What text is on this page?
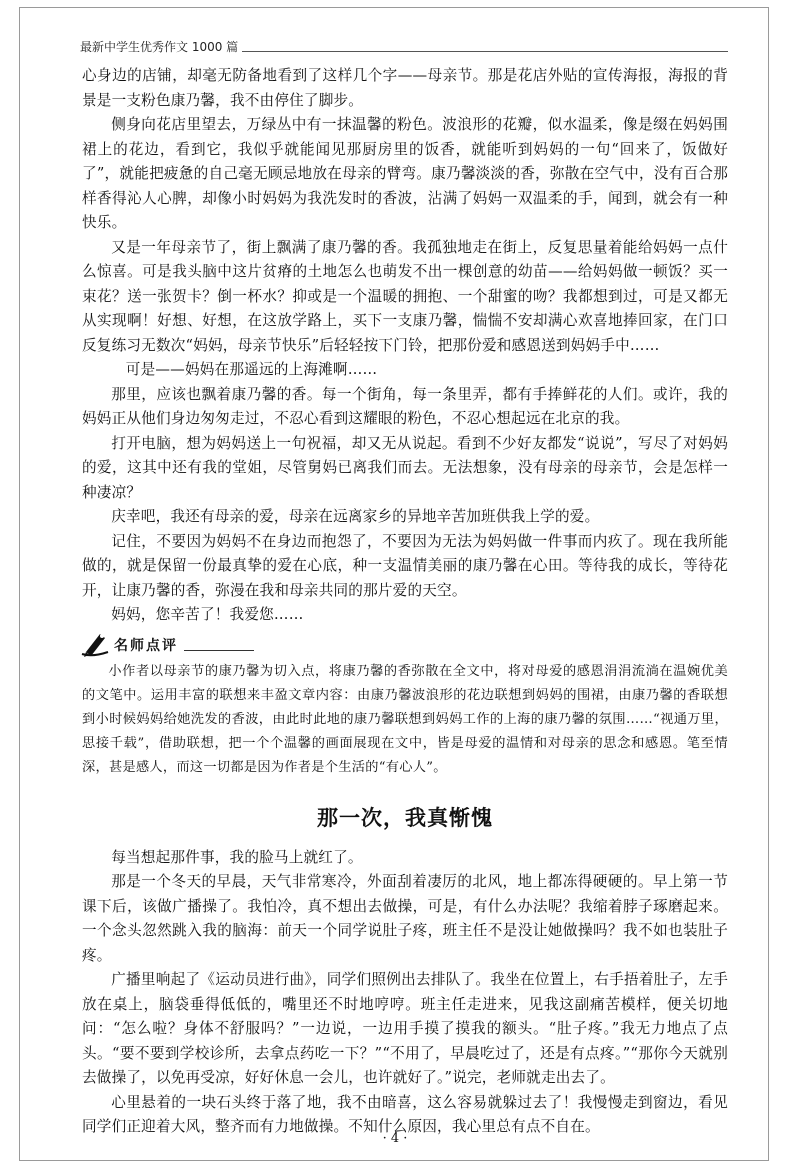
最新中学生优秀作文 1000 篇

心身边的店铺，却毫无防备地看到了这样几个字——母亲节。那是花店外贴的宣传海报，海报的背景是一支粉色康乃馨，我不由停住了脚步。

侧身向花店里望去，万绿丛中有一抹温馨的粉色。波浪形的花瓣，似水温柔，像是缀在妈妈围裙上的花边，看到它，我似乎就能闻见那厨房里的饭香，就能听到妈妈的一句“回来了，饭做好了”，就能把疲惫的自己毫无顾忌地放在母亲的臂弯。康乃馨淡淡的香，弥散在空气中，没有百合那样香得沁人心脾，却像小时妈妈为我洗发时的香波，沾满了妈妈一双温柔的手，闻到，就会有一种快乐。

又是一年母亲节了，街上飘满了康乃馨的香。我孤独地走在街上，反复思量着能给妈妈一点什么惊喜。可是我头脑中这片贫瘠的土地怎么也萌发不出一棵创意的幼苗——给妈妈做一顿饭？买一束花？送一张贺卡？倒一杯水？抑或是一个温暖的拥抱、一个甜蜜的吻？我都想到过，可是又都无从实现啊！好想、好想，在这放学路上，买下一支康乃馨，惴惴不安却满心欢喜地捧回家，在门口反复练习无数次“妈妈，母亲节快乐”后轻轻按下门铃，把那份爱和感恩送到妈妈手中……

可是——妈妈在那遥远的上海滩啊……

那里，应该也飘着康乃馨的香。每一个街角，每一条里弄，都有手捧鲜花的人们。或许，我的妈妈正从他们身边匆匆走过，不忍心看到这耀眼的粉色，不忍心想起远在北京的我。

打开电脑，想为妈妈送上一句祝福，却又无从说起。看到不少好友都发“说说”，写尽了对妈妈的爱，这其中还有我的堂姐，尽管舅妈已离我们而去。无法想象，没有母亲的母亲节，会是怎样一种凄凉？

庆幸吧，我还有母亲的爱，母亲在远离家乡的异地辛苦加班供我上学的爱。

记住，不要因为妈妈不在身边而抱怨了，不要因为无法为妈妈做一件事而内疚了。现在我所能做的，就是保留一份最真挚的爱在心底，种一支温情美丽的康乃馨在心田。等待我的成长，等待花开，让康乃馨的香，弥漫在我和母亲共同的那片爱的天空。

妈妈，您辛苦了！我爱您……

名师点评

小作者以母亲节的康乃馨为切入点，将康乃馨的香弥散在全文中，将对母爱的感恩涓涓流淌在温婉优美的文笔中。运用丰富的联想来丰盈文章内容：由康乃馨波浪形的花边联想到妈妈的围裙，由康乃馨的香联想到小时候妈妈给她洗发的香波，由此时此地的康乃馨联想到妈妈工作的上海的康乃馨的氛围……“视通万里，思接千载”，借助联想，把一个个温馨的画面展现在文中，皆是母爱的温情和对母亲的思念和感恩。笔至情深，甚是感人，而这一切都是因为作者是个生活的“有心人”。

那一次，我真惭愧

每当想起那件事，我的脸马上就红了。

那是一个冬天的早晨，天气非常寒冷，外面刮着凄厉的北风，地上都冻得硬硬的。早上第一节课下后，该做广播操了。我怕冷，真不想出去做操，可是，有什么办法呢？我缩着脖子琢磨起来。一个念头忽然跳入我的脑海：前天一个同学说肚子疼，班主任不是没让她做操吗？我不如也装肚子疼。

广播里响起了《运动员进行曲》，同学们照例出去排队了。我坐在位置上，右手捂着肚子，左手放在桌上，脑袋垂得低低的，嘴里还不时地哼哼。班主任走进来，见我这副痛苦模样，便关切地问：“怎么啦？身体不舒服吗？”一边说，一边用手摸了摸我的额头。“肚子疼。”我无力地点了点头。“要不要到学校诊所，去拿点药吃一下？”“不用了，早晨吃过了，还是有点疼。”“那你今天就别去做操了，以免再受凉，好好休息一会儿，也许就好了。”说完，老师就走出去了。

心里悬着的一块石头终于落了地，我不由暗喜，这么容易就躲过去了！我慢慢走到窗边，看见同学们正迎着大风，整齐而有力地做操。不知什么原因，我心里总有点不自在。

· 4 ·
